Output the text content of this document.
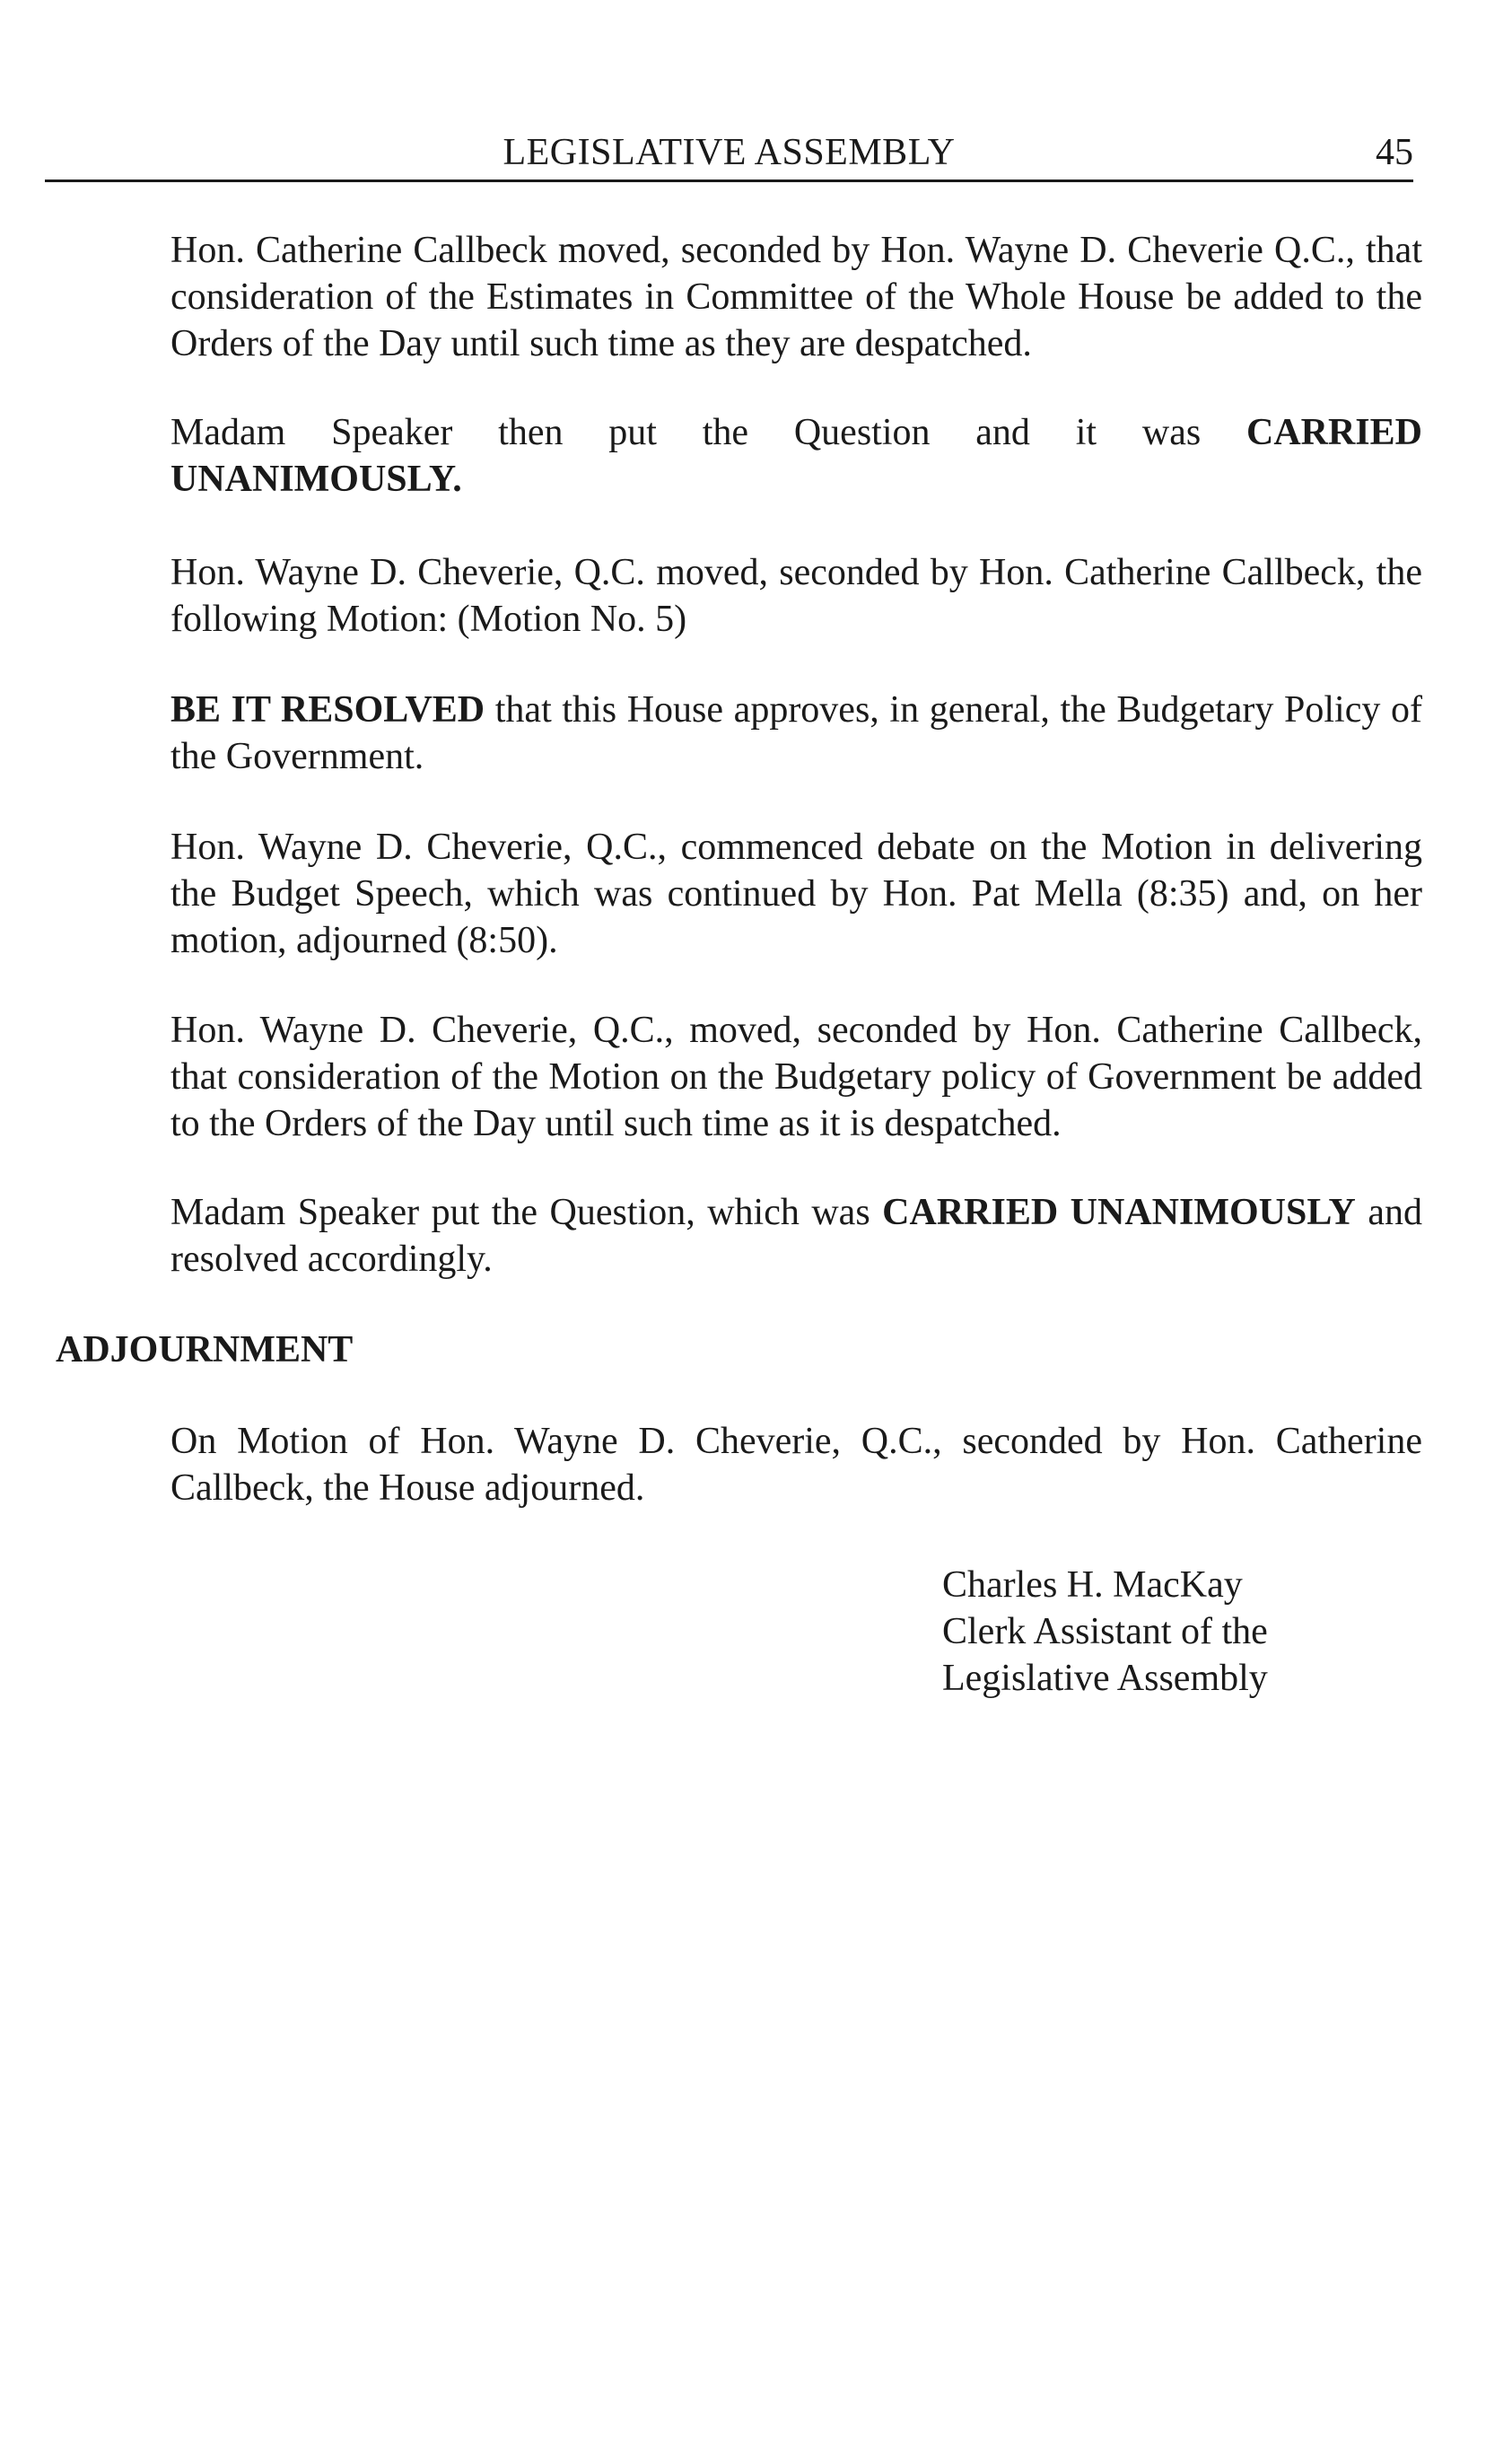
LEGISLATIVE ASSEMBLY	45

Hon. Catherine Callbeck moved, seconded by Hon. Wayne D. Cheverie Q.C., that consideration of the Estimates in Committee of the Whole House be added to the Orders of the Day until such time as they are despatched.

Madam Speaker then put the Question and it was CARRIED
UNANIMOUSLY.

Hon. Wayne D. Cheverie, Q.C. moved, seconded by Hon. Catherine Callbeck, the following Motion: (Motion No. 5)

BE IT RESOLVED that this House approves, in general, the Budgetary Policy of the Government.

Hon. Wayne D. Cheverie, Q.C., commenced debate on the Motion in delivering the Budget Speech, which was continued by Hon. Pat Mella (8:35) and, on her motion, adjourned (8:50).

Hon. Wayne D. Cheverie, Q.C., moved, seconded by Hon. Catherine Callbeck, that consideration of the Motion on the Budgetary policy of Government be added to the Orders of the Day until such time as it is despatched.

Madam Speaker put the Question, which was CARRIED UNANIMOUSLY and resolved accordingly.

ADJOURNMENT

On Motion of Hon. Wayne D. Cheverie, Q.C., seconded by Hon. Catherine Callbeck, the House adjourned.

Charles H. MacKay
Clerk Assistant of the
Legislative Assembly
